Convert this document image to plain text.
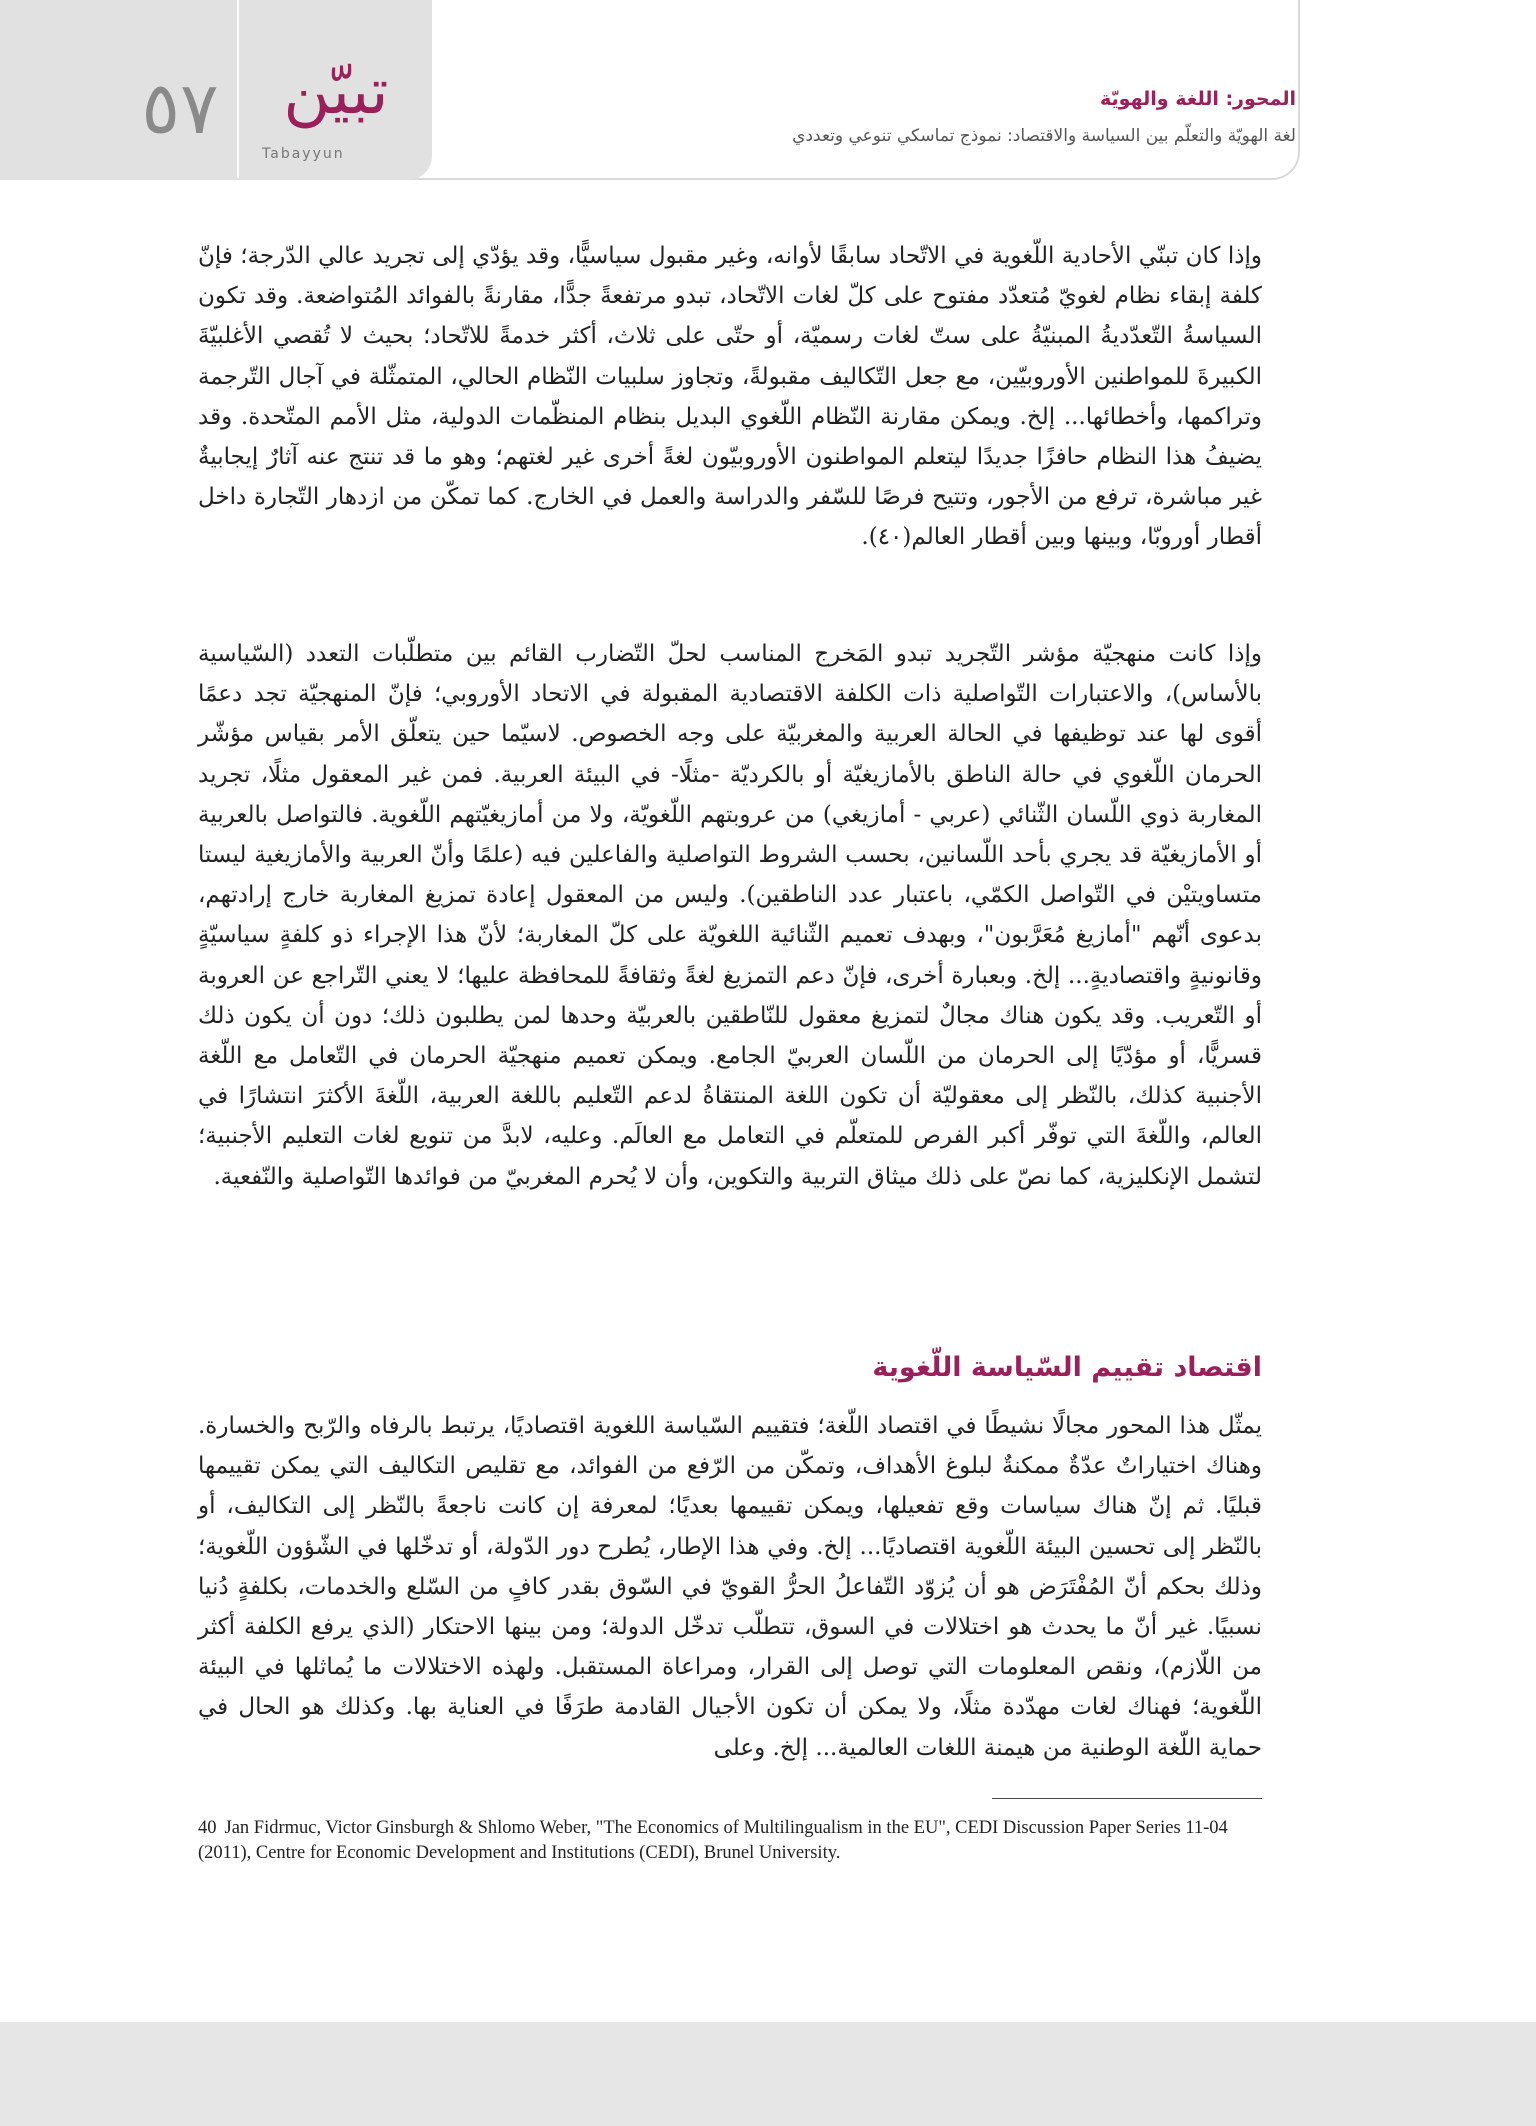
٥٧	تبيّن
Tabayyun
المحور: اللغة والهويّة
لغة الهويّة والتعلّم بين السياسة والاقتصاد: نموذج تماسكي تنوعي وتعددي
وإذا كان تبنّي الأحادية اللّغوية في الاتّحاد سابقًا لأوانه، وغير مقبول سياسيًّا، وقد يؤدّي إلى تجريد عالي الدّرجة؛ فإنّ كلفة إبقاء نظام لغويّ مُتعدّد مفتوح على كلّ لغات الاتّحاد، تبدو مرتفعةً جدًّا، مقارنةً بالفوائد المُتواضعة. وقد تكون السياسةُ التّعدّديةُ المبنيّةُ على ستّ لغات رسميّة، أو حتّى على ثلاث، أكثر خدمةً للاتّحاد؛ بحيث لا تُقصي الأغلبيّةَ الكبيرةَ للمواطنين الأوروبيّين، مع جعل التّكاليف مقبولةً، وتجاوز سلبيات النّظام الحالي، المتمثّلة في آجال التّرجمة وتراكمها، وأخطائها... إلخ. ويمكن مقارنة النّظام اللّغوي البديل بنظام المنظّمات الدولية، مثل الأمم المتّحدة. وقد يضيفُ هذا النظام حافزًا جديدًا ليتعلم المواطنون الأوروبيّون لغةً أخرى غير لغتهم؛ وهو ما قد تنتج عنه آثارٌ إيجابيةٌ غير مباشرة، ترفع من الأجور، وتتيح فرصًا للسّفر والدراسة والعمل في الخارج. كما تمكّن من ازدهار التّجارة داخل أقطار أوروبّا، وبينها وبين أقطار العالم(٤٠).
وإذا كانت منهجيّة مؤشر التّجريد تبدو المَخرج المناسب لحلّ التّضارب القائم بين متطلّبات التعدد (السّياسية بالأساس)، والاعتبارات التّواصلية ذات الكلفة الاقتصادية المقبولة في الاتحاد الأوروبي؛ فإنّ المنهجيّة تجد دعمًا أقوى لها عند توظيفها في الحالة العربية والمغربيّة على وجه الخصوص. لاسيّما حين يتعلّق الأمر بقياس مؤشّر الحرمان اللّغوي في حالة الناطق بالأمازيغيّة أو بالكرديّة -مثلًا- في البيئة العربية. فمن غير المعقول مثلًا، تجريد المغاربة ذوي اللّسان الثّنائي (عربي - أمازيغي) من عروبتهم اللّغويّة، ولا من أمازيغيّتهم اللّغوية. فالتواصل بالعربية أو الأمازيغيّة قد يجري بأحد اللّسانين، بحسب الشروط التواصلية والفاعلين فيه (علمًا وأنّ العربية والأمازيغية ليستا متساويتيْن في التّواصل الكمّي، باعتبار عدد الناطقين). وليس من المعقول إعادة تمزيغ المغاربة خارج إرادتهم، بدعوى أنّهم "أمازيغ مُعَرَّبون"، وبهدف تعميم الثّنائية اللغويّة على كلّ المغاربة؛ لأنّ هذا الإجراء ذو كلفةٍ سياسيّةٍ وقانونيةٍ واقتصاديةٍ... إلخ. وبعبارة أخرى، فإنّ دعم التمزيغ لغةً وثقافةً للمحافظة عليها؛ لا يعني التّراجع عن العروبة أو التّعريب. وقد يكون هناك مجالٌ لتمزيغ معقول للنّاطقين بالعربيّة وحدها لمن يطلبون ذلك؛ دون أن يكون ذلك قسريًّا، أو مؤدّيًا إلى الحرمان من اللّسان العربيّ الجامع. ويمكن تعميم منهجيّة الحرمان في التّعامل مع اللّغة الأجنبية كذلك، بالنّظر إلى معقوليّة أن تكون اللغة المنتقاةُ لدعم التّعليم باللغة العربية، اللّغةَ الأكثرَ انتشارًا في العالم، واللّغةَ التي توفّر أكبر الفرص للمتعلّم في التعامل مع العالَم. وعليه، لابدَّ من تنويع لغات التعليم الأجنبية؛ لتشمل الإنكليزية، كما نصّ على ذلك ميثاق التربية والتكوين، وأن لا يُحرم المغربيّ من فوائدها التّواصلية والنّفعية.
اقتصاد تقييم السّياسة اللّغوية
يمثّل هذا المحور مجالًا نشيطًا في اقتصاد اللّغة؛ فتقييم السّياسة اللغوية اقتصاديًا، يرتبط بالرفاه والرّبح والخسارة. وهناك اختياراتٌ عدّةٌ ممكنةٌ لبلوغ الأهداف، وتمكّن من الرّفع من الفوائد، مع تقليص التكاليف التي يمكن تقييمها قبليًا. ثم إنّ هناك سياسات وقع تفعيلها، ويمكن تقييمها بعديًا؛ لمعرفة إن كانت ناجعةً بالنّظر إلى التكاليف، أو بالنّظر إلى تحسين البيئة اللّغوية اقتصاديًا... إلخ. وفي هذا الإطار، يُطرح دور الدّولة، أو تدخّلها في الشّؤون اللّغوية؛ وذلك بحكم أنّ المُفْتَرَض هو أن يُزوّد التّفاعلُ الحرُّ القويّ في السّوق بقدر كافٍ من السّلع والخدمات، بكلفةٍ دُنيا نسبيًا. غير أنّ ما يحدث هو اختلالات في السوق، تتطلّب تدخّل الدولة؛ ومن بينها الاحتكار (الذي يرفع الكلفة أكثر من اللّازم)، ونقص المعلومات التي توصل إلى القرار، ومراعاة المستقبل. ولهذه الاختلالات ما يُماثلها في البيئة اللّغوية؛ فهناك لغات مهدّدة مثلًا، ولا يمكن أن تكون الأجيال القادمة طرَفًا في العناية بها. وكذلك هو الحال في حماية اللّغة الوطنية من هيمنة اللغات العالمية... إلخ. وعلى
40 Jan Fidrmuc, Victor Ginsburgh & Shlomo Weber, "The Economics of Multilingualism in the EU", CEDI Discussion Paper Series 11-04 (2011), Centre for Economic Development and Institutions (CEDI), Brunel University.
